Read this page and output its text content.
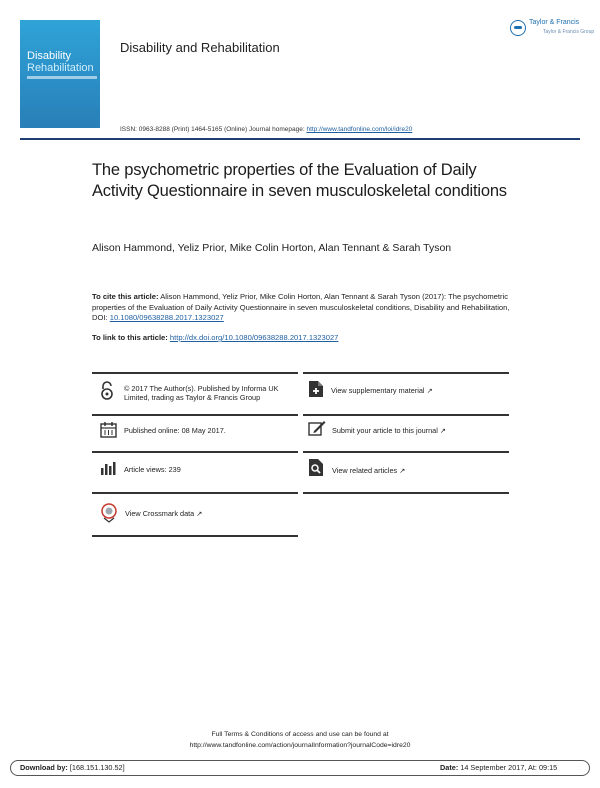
Disability
Rehabilitation
Disability and Rehabilitation
Taylor & Francis
Taylor & Francis Group
ISSN: 0963-8288 (Print) 1464-5165 (Online) Journal homepage: http://www.tandfonline.com/loi/idre20
The psychometric properties of the Evaluation of Daily Activity Questionnaire in seven musculoskeletal conditions
Alison Hammond, Yeliz Prior, Mike Colin Horton, Alan Tennant & Sarah Tyson
To cite this article: Alison Hammond, Yeliz Prior, Mike Colin Horton, Alan Tennant & Sarah Tyson (2017): The psychometric properties of the Evaluation of Daily Activity Questionnaire in seven musculoskeletal conditions, Disability and Rehabilitation, DOI: 10.1080/09638288.2017.1323027
To link to this article: http://dx.doi.org/10.1080/09638288.2017.1323027
© 2017 The Author(s). Published by Informa UK Limited, trading as Taylor & Francis Group
Published online: 08 May 2017.
Article views: 239
View Crossmark data ↗
View supplementary material ↗
Submit your article to this journal ↗
View related articles ↗
Full Terms & Conditions of access and use can be found at
http://www.tandfonline.com/action/journalInformation?journalCode=idre20
Download by: [168.151.130.52]	Date: 14 September 2017, At: 09:15
